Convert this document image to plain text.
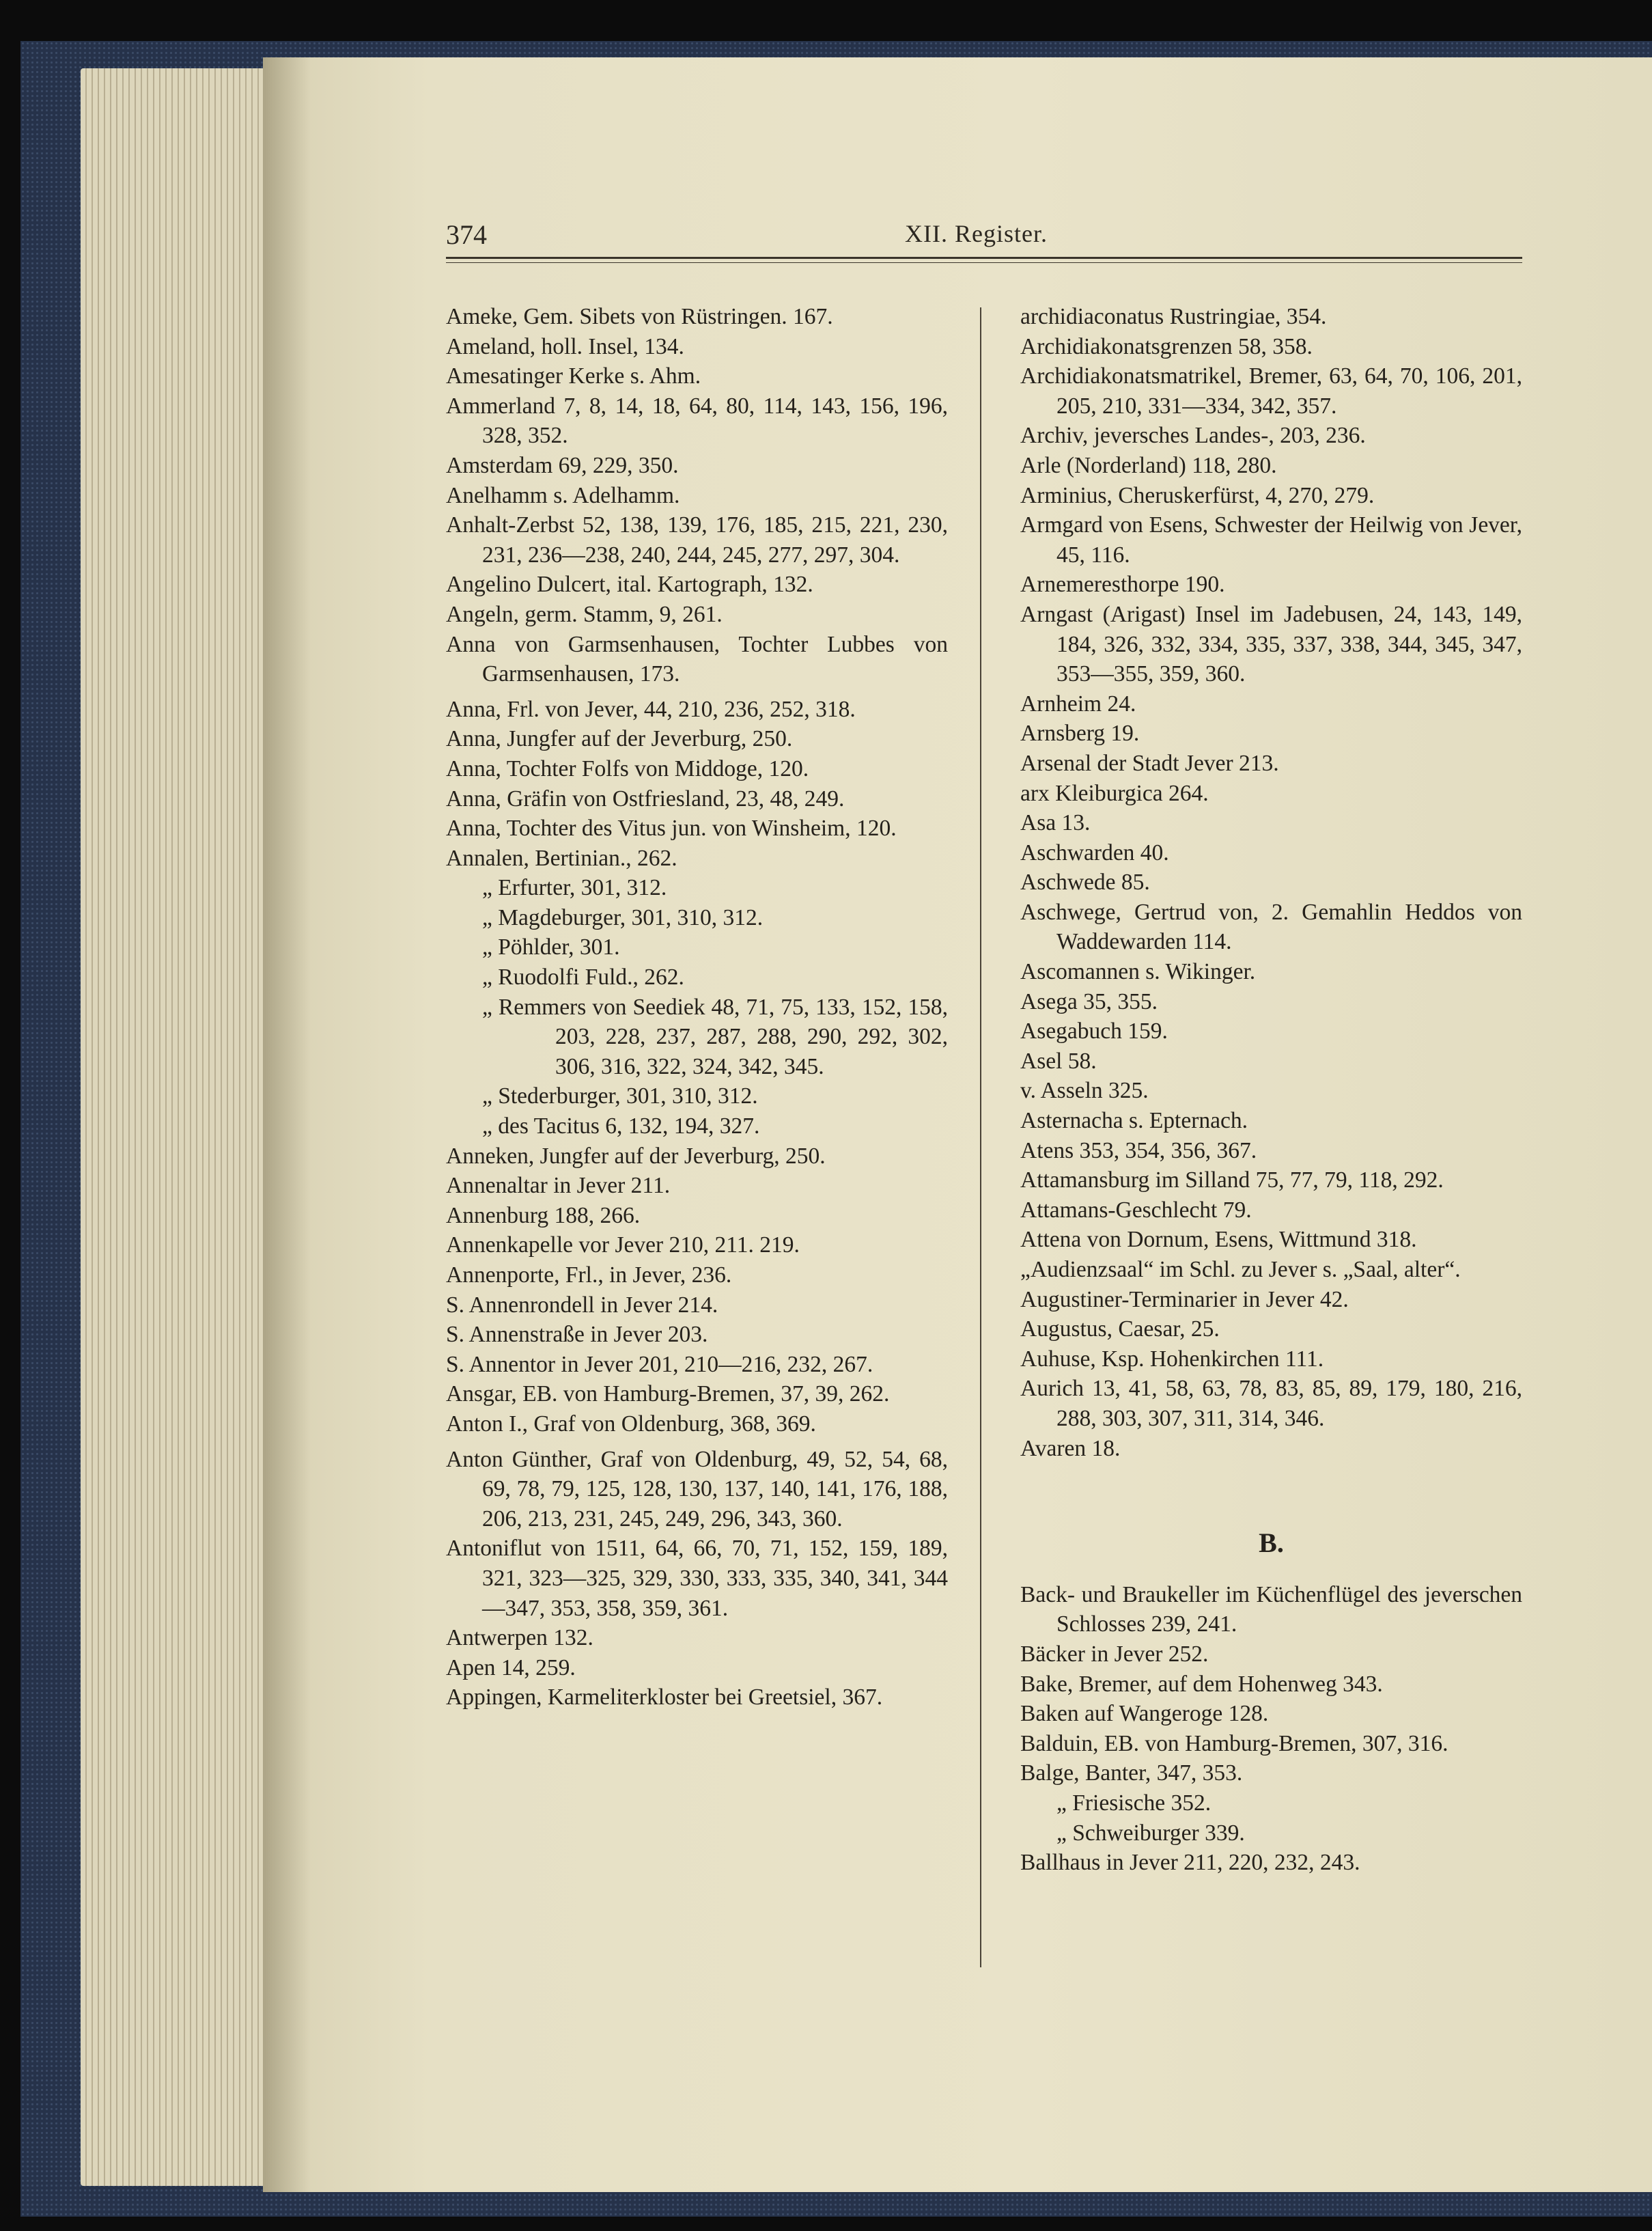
374	XII. Register.

Ameke, Gem. Sibets von Rüstringen. 167.

Ameland, holl. Insel, 134.

Amesatinger Kerke s. Ahm.

Ammerland 7, 8, 14, 18, 64, 80, 114, 143, 156, 196, 328, 352.

Amsterdam 69, 229, 350.

Anelhamm s. Adelhamm.

Anhalt-Zerbst 52, 138, 139, 176, 185, 215, 221, 230, 231, 236—238, 240, 244, 245, 277, 297, 304.

Angelino Dulcert, ital. Kartograph, 132.

Angeln, germ. Stamm, 9, 261.

Anna von Garmsenhausen, Tochter Lubbes von Garmsenhausen, 173.

Anna, Frl. von Jever, 44, 210, 236, 252, 318.

Anna, Jungfer auf der Jeverburg, 250.

Anna, Tochter Folfs von Middoge, 120.

Anna, Gräfin von Ostfriesland, 23, 48, 249.

Anna, Tochter des Vitus jun. von Winsheim, 120.

Annalen, Bertinian., 262.

„ Erfurter, 301, 312.

„ Magdeburger, 301, 310, 312.

„ Pöhlder, 301.

„ Ruodolfi Fuld., 262.

„ Remmers von Seediek 48, 71, 75, 133, 152, 158, 203, 228, 237, 287, 288, 290, 292, 302, 306, 316, 322, 324, 342, 345.

„ Stederburger, 301, 310, 312.

„ des Tacitus 6, 132, 194, 327.

Anneken, Jungfer auf der Jeverburg, 250.

Annenaltar in Jever 211.

Annenburg 188, 266.

Annenkapelle vor Jever 210, 211. 219.

Annenporte, Frl., in Jever, 236.

S. Annenrondell in Jever 214.

S. Annenstraße in Jever 203.

S. Annentor in Jever 201, 210—216, 232, 267.

Ansgar, EB. von Hamburg-Bremen, 37, 39, 262.

Anton I., Graf von Oldenburg, 368, 369.

Anton Günther, Graf von Oldenburg, 49, 52, 54, 68, 69, 78, 79, 125, 128, 130, 137, 140, 141, 176, 188, 206, 213, 231, 245, 249, 296, 343, 360.

Antoniflut von 1511, 64, 66, 70, 71, 152, 159, 189, 321, 323—325, 329, 330, 333, 335, 340, 341, 344—347, 353, 358, 359, 361.

Antwerpen 132.

Apen 14, 259.

Appingen, Karmeliterkloster bei Greetsiel, 367.

archidiaconatus Rustringiae, 354.

Archidiakonatsgrenzen 58, 358.

Archidiakonatsmatrikel, Bremer, 63, 64, 70, 106, 201, 205, 210, 331—334, 342, 357.

Archiv, jeversches Landes-, 203, 236.

Arle (Norderland) 118, 280.

Arminius, Cheruskerfürst, 4, 270, 279.

Armgard von Esens, Schwester der Heilwig von Jever, 45, 116.

Arnemeresthorpe 190.

Arngast (Arigast) Insel im Jadebusen, 24, 143, 149, 184, 326, 332, 334, 335, 337, 338, 344, 345, 347, 353—355, 359, 360.

Arnheim 24.

Arnsberg 19.

Arsenal der Stadt Jever 213.

arx Kleiburgica 264.

Asa 13.

Aschwarden 40.

Aschwede 85.

Aschwege, Gertrud von, 2. Gemahlin Heddos von Waddewarden 114.

Ascomannen s. Wikinger.

Asega 35, 355.

Asegabuch 159.

Asel 58.

v. Asseln 325.

Asternacha s. Epternach.

Atens 353, 354, 356, 367.

Attamansburg im Silland 75, 77, 79, 118, 292.

Attamans-Geschlecht 79.

Attena von Dornum, Esens, Wittmund 318.

„Audienzsaal“ im Schl. zu Jever s. „Saal, alter“.

Augustiner-Terminarier in Jever 42.

Augustus, Caesar, 25.

Auhuse, Ksp. Hohenkirchen 111.

Aurich 13, 41, 58, 63, 78, 83, 85, 89, 179, 180, 216, 288, 303, 307, 311, 314, 346.

Avaren 18.

B.

Back- und Braukeller im Küchenflügel des jeverschen Schlosses 239, 241.

Bäcker in Jever 252.

Bake, Bremer, auf dem Hohenweg 343.

Baken auf Wangeroge 128.

Balduin, EB. von Hamburg-Bremen, 307, 316.

Balge, Banter, 347, 353.

„ Friesische 352.

„ Schweiburger 339.

Ballhaus in Jever 211, 220, 232, 243.
